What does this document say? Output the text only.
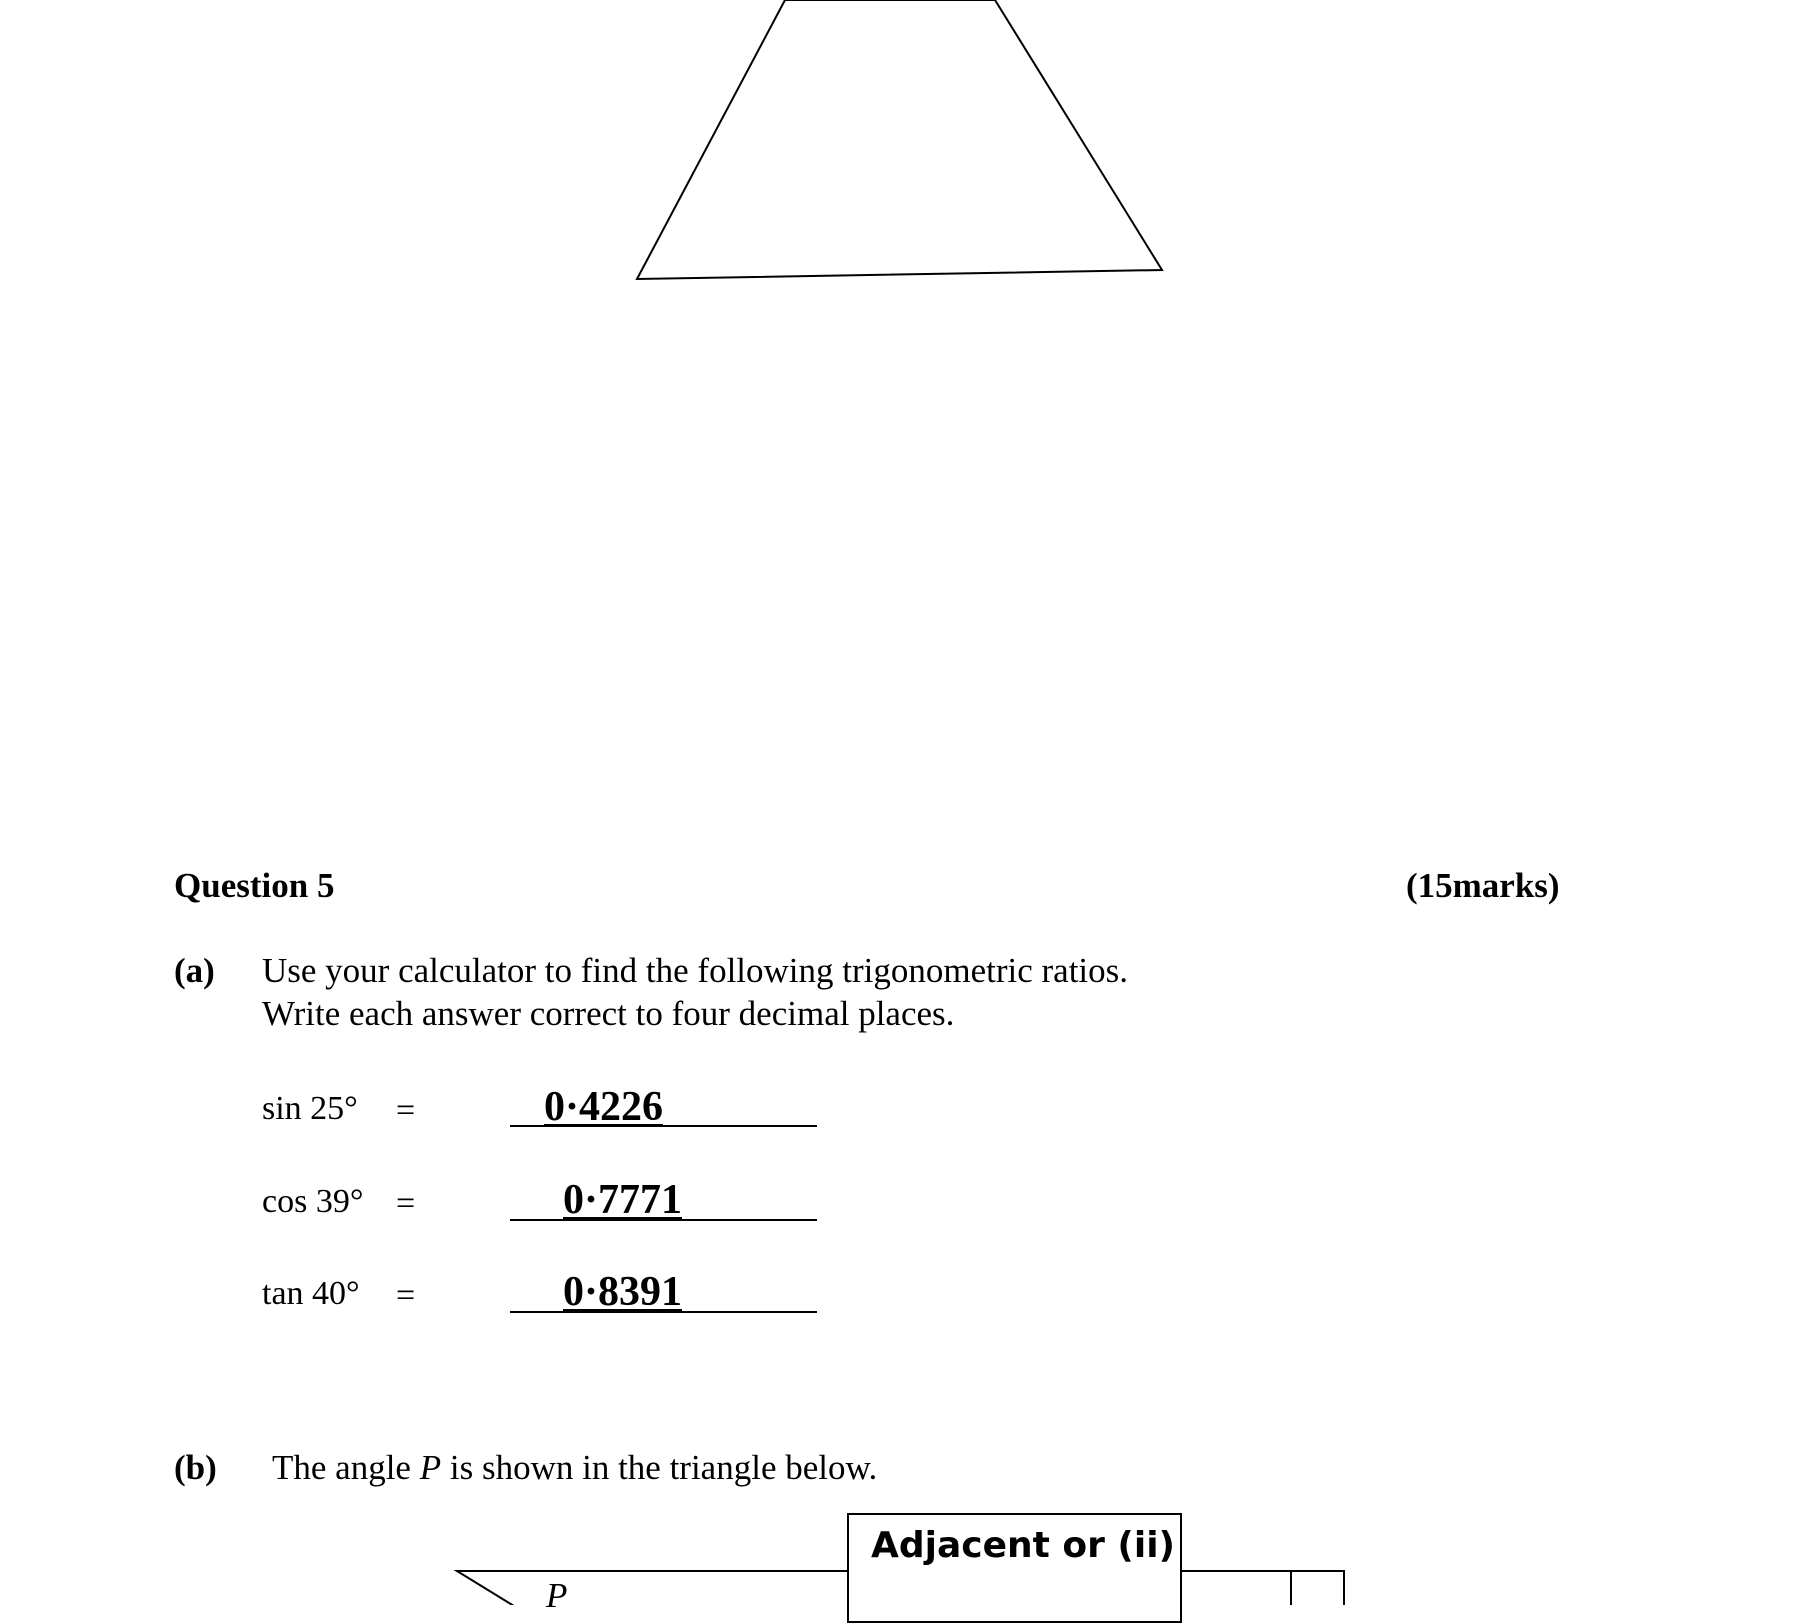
Question 5	(15marks)
(a) Use your calculator to find the following trigonometric ratios.
Write each answer correct to four decimal places.
sin 25° =	0·4226
cos 39° =	0·7771
tan 40° =	0·8391
(b) The angle P is shown in the triangle below.
P
Adjacent or (ii)
